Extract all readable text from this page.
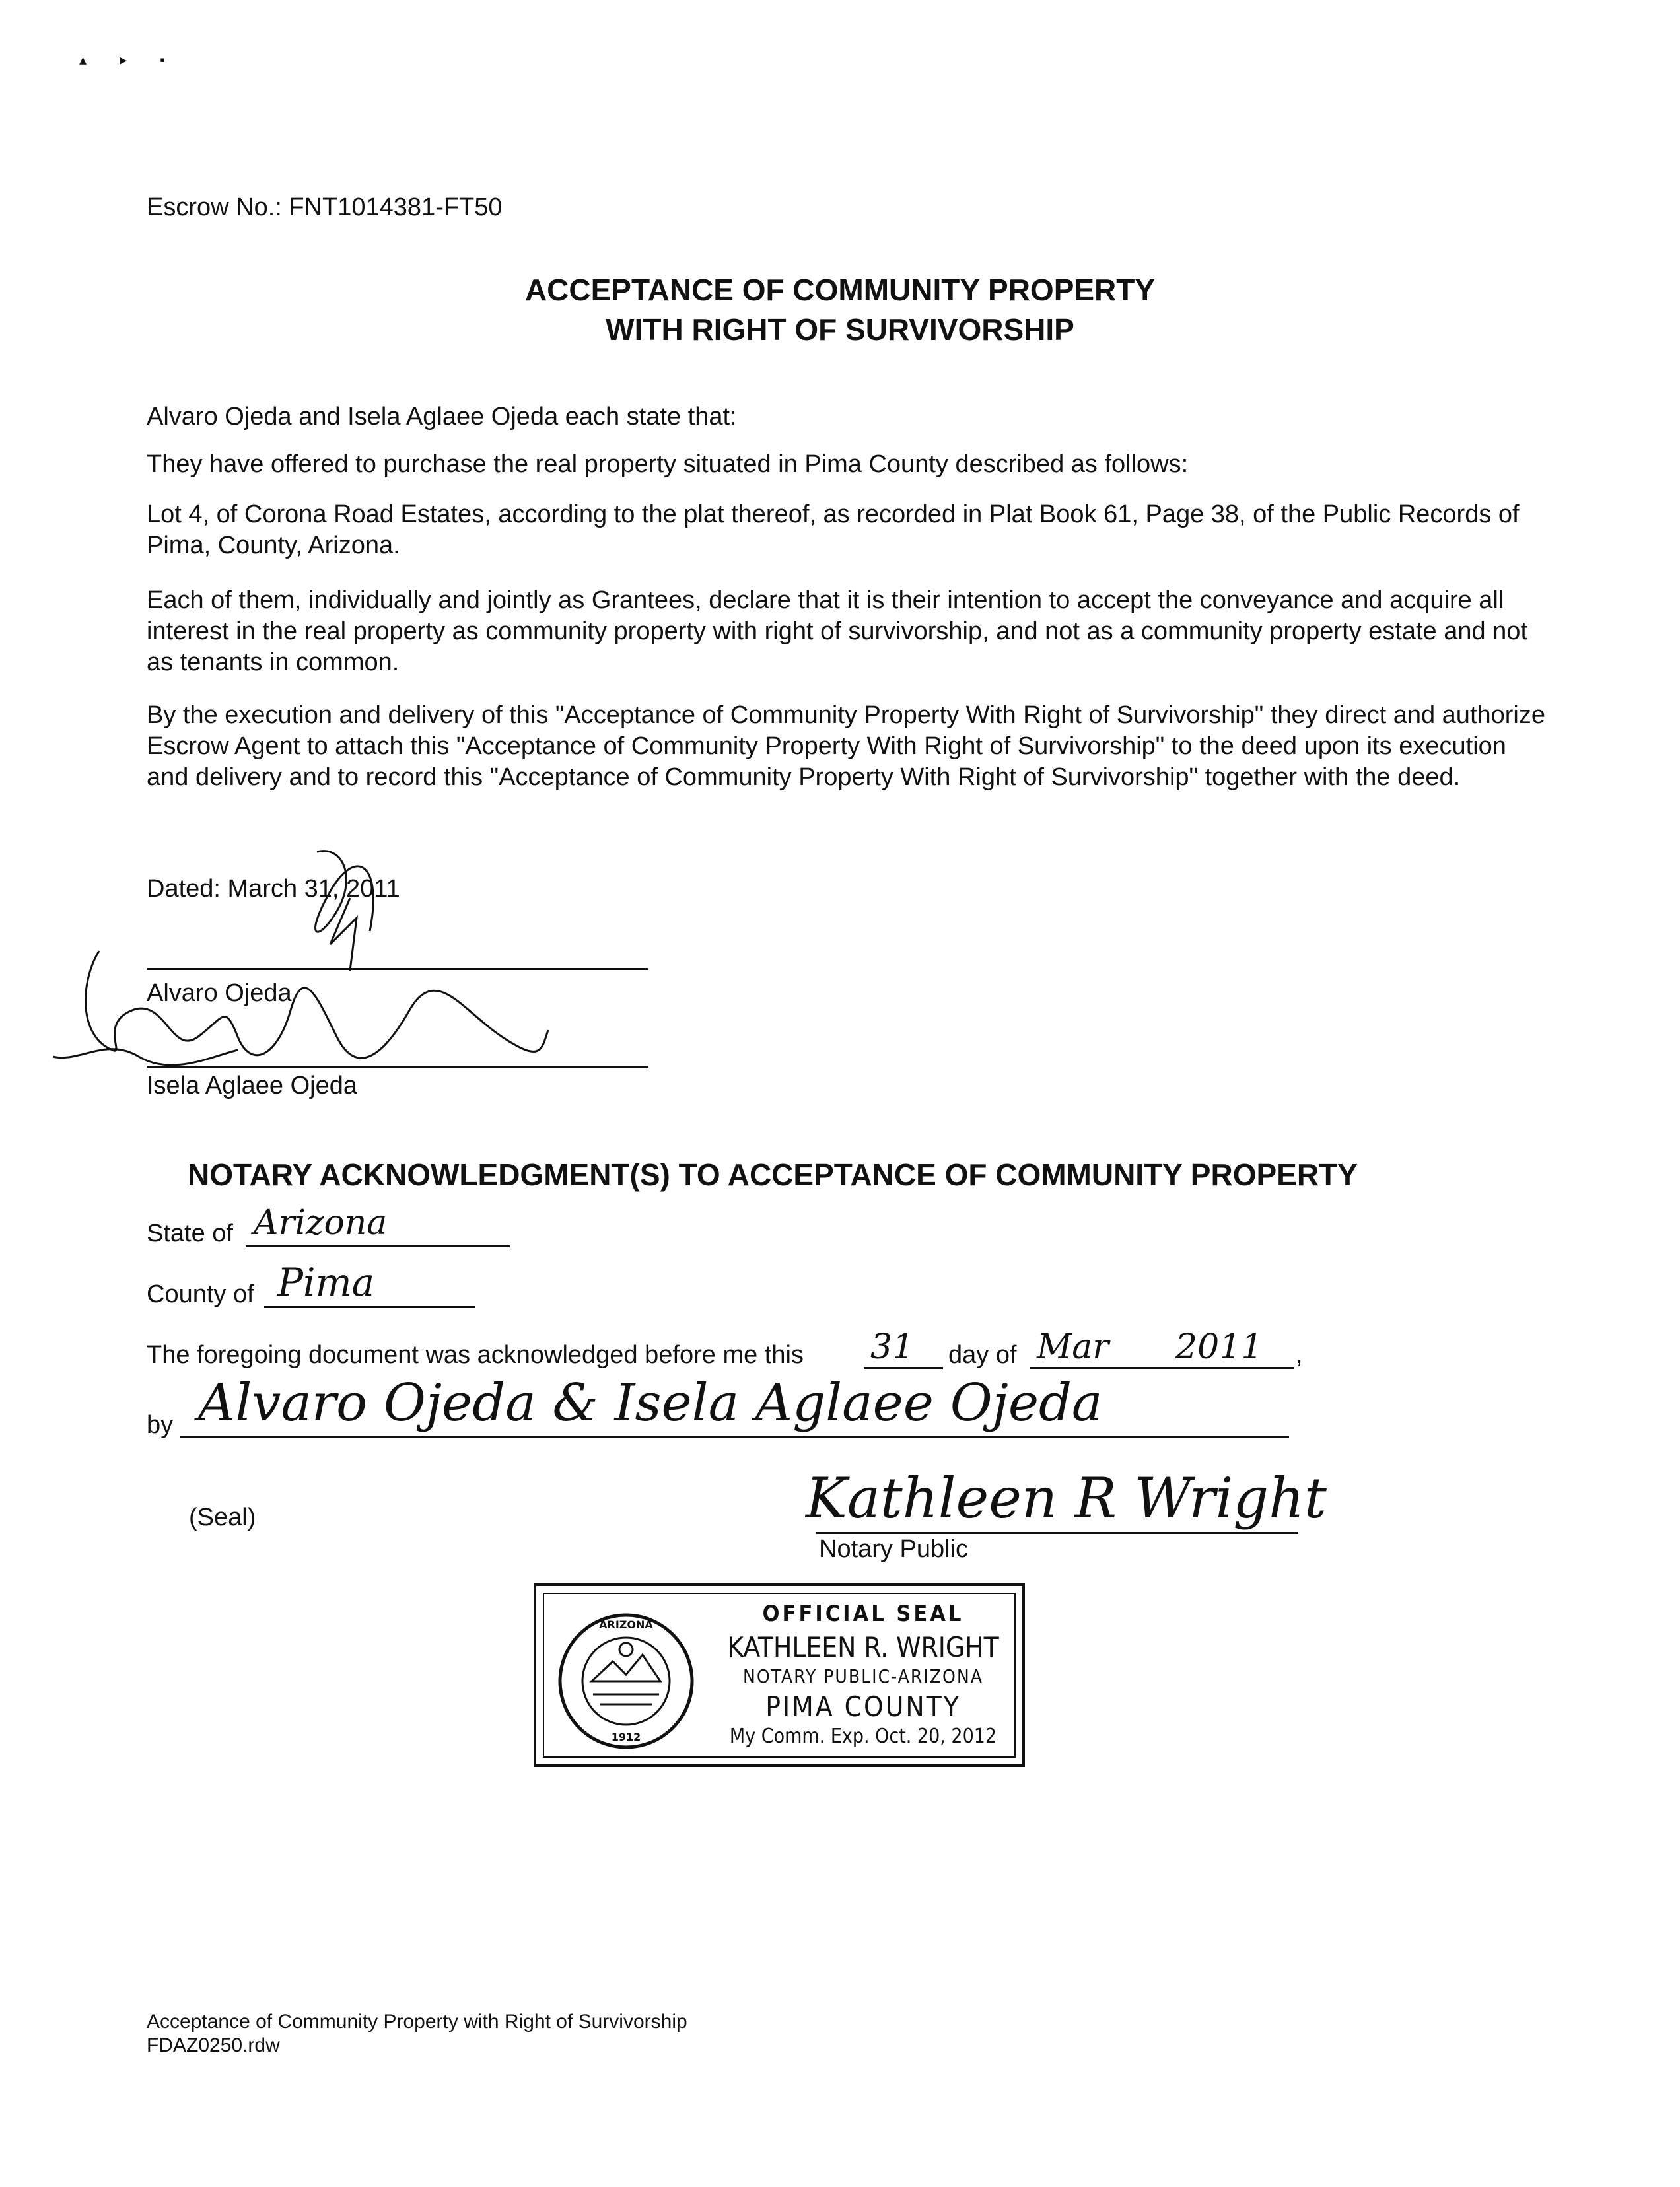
▴ ▸ ▪
Escrow No.: FNT1014381-FT50
ACCEPTANCE OF COMMUNITY PROPERTY
WITH RIGHT OF SURVIVORSHIP
Alvaro Ojeda and Isela Aglaee Ojeda each state that:
They have offered to purchase the real property situated in Pima County described as follows:
Lot 4, of Corona Road Estates, according to the plat thereof, as recorded in Plat Book 61, Page 38, of the Public Records of Pima, County, Arizona.
Each of them, individually and jointly as Grantees, declare that it is their intention to accept the conveyance and acquire all interest in the real property as community property with right of survivorship, and not as a community property estate and not as tenants in common.
By the execution and delivery of this "Acceptance of Community Property With Right of Survivorship" they direct and authorize Escrow Agent to attach this "Acceptance of Community Property With Right of Survivorship" to the deed upon its execution and delivery and to record this "Acceptance of Community Property With Right of Survivorship" together with the deed.
Dated: March 31, 2011
Alvaro Ojeda
Isela Aglaee Ojeda
NOTARY ACKNOWLEDGMENT(S) TO ACCEPTANCE OF COMMUNITY PROPERTY
State of Arizona
County of Pima
The foregoing document was acknowledged before me this 31 day of Mar 2011 ,
by Alvaro Ojeda & Isela Aglaee Ojeda
(Seal)	Kathleen R Wright
Notary Public
ARIZONA
1912
OFFICIAL SEAL
KATHLEEN R. WRIGHT
NOTARY PUBLIC-ARIZONA
PIMA COUNTY
My Comm. Exp. Oct. 20, 2012
Acceptance of Community Property with Right of Survivorship
FDAZ0250.rdw
